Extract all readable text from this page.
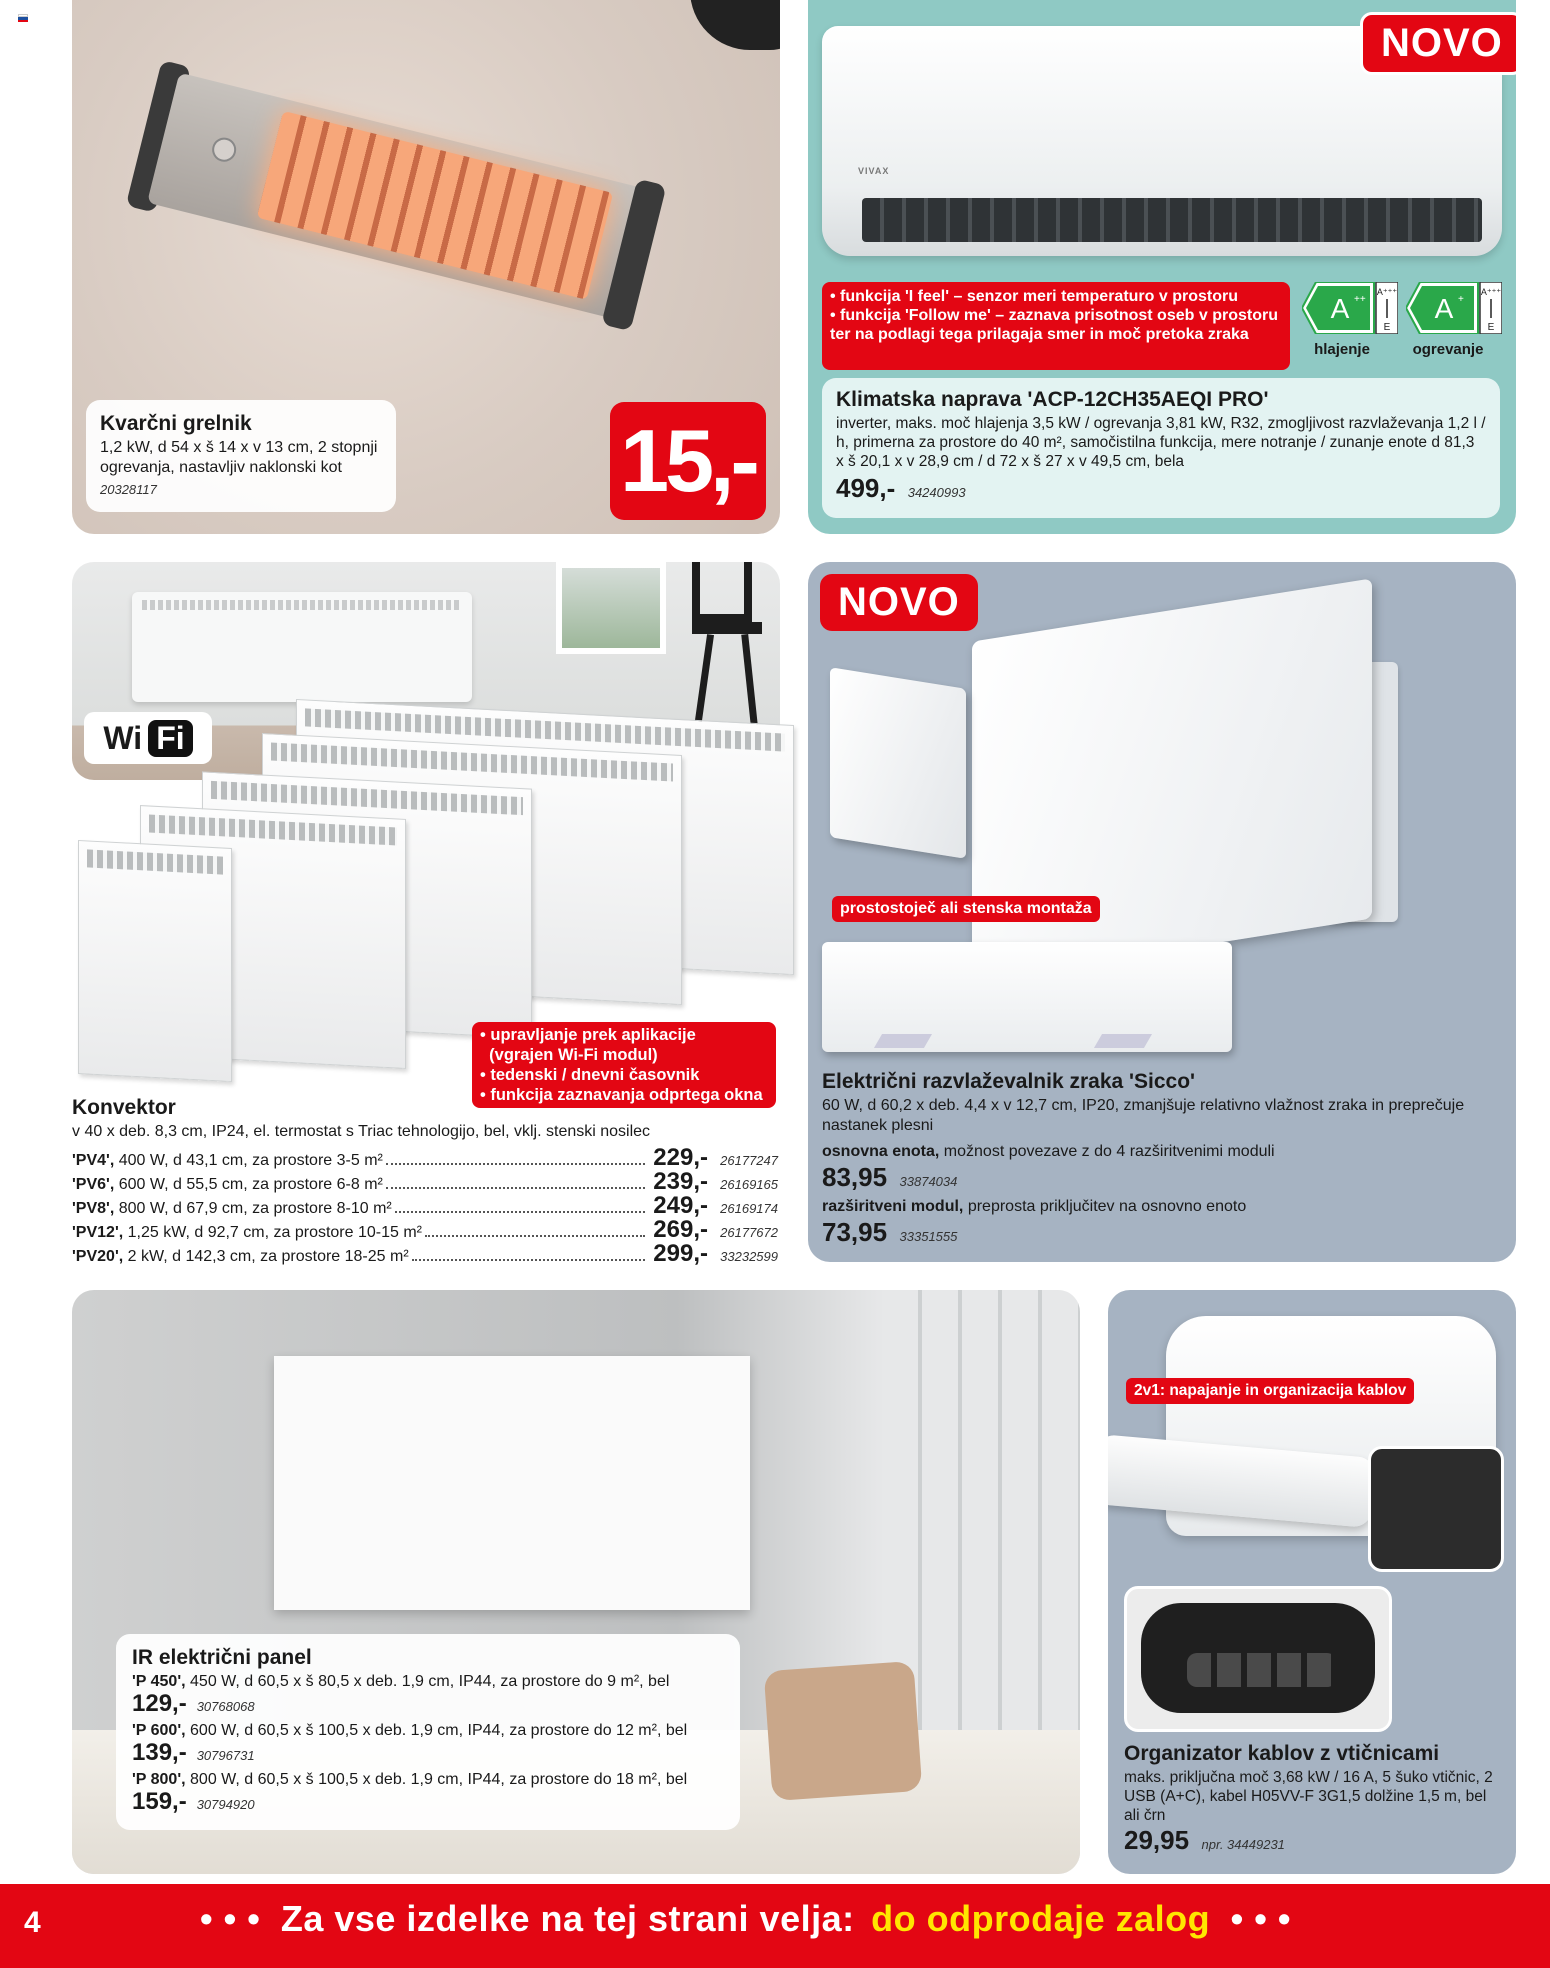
Kvarčni grelnik
1,2 kW, d 54 x š 14 x v 13 cm, 2 stopnji ogrevanja, nastavljiv naklonski kot
20328117	15,-
VIVAX
NOVO
• funkcija 'I feel' – senzor meri temperaturo v prostoru
• funkcija 'Follow me' – zaznava prisotnost oseb v prostoru ter na podlagi tega prilagaja smer in moč pretoka zraka
A ++
A⁺⁺⁺
E
hlajenje
A +
A⁺⁺⁺
E
ogrevanje
Klimatska naprava 'ACP-12CH35AEQI PRO'
inverter, maks. moč hlajenja 3,5 kW / ogrevanja 3,81 kW, R32, zmogljivost razvlaževanja 1,2 l / h, primerna za prostore do 40 m², samočistilna funkcija, mere notranje / zunanje enote d 81,3 x š 20,1 x v 28,9 cm / d 72 x š 27 x v 49,5 cm, bela
499,- 34240993
Wi Fi
• upravljanje prek aplikacije
(vgrajen Wi-Fi modul)
• tedenski / dnevni časovnik
• funkcija zaznavanja odprtega okna
Konvektor
v 40 x deb. 8,3 cm, IP24, el. termostat s Triac tehnologijo, bel, vklj. stenski nosilec
'PV4', 400 W, d 43,1 cm, za prostore 3-5 m²	229,- 26177247
'PV6', 600 W, d 55,5 cm, za prostore 6-8 m²	239,- 26169165
'PV8', 800 W, d 67,9 cm, za prostore 8-10 m²	249,- 26169174
'PV12', 1,25 kW, d 92,7 cm, za prostore 10-15 m²	269,- 26177672
'PV20', 2 kW, d 142,3 cm, za prostore 18-25 m²	299,- 33232599
NOVO
prostostoječ ali stenska montaža
Električni razvlaževalnik zraka 'Sicco'
60 W, d 60,2 x deb. 4,4 x v 12,7 cm, IP20, zmanjšuje relativno vlažnost zraka in preprečuje nastanek plesni
osnovna enota, možnost povezave z do 4 razširitvenimi moduli
83,95 33874034
razširitveni modul, preprosta priključitev na osnovno enoto
73,95 33351555
IR električni panel
'P 450', 450 W, d 60,5 x š 80,5 x deb. 1,9 cm, IP44, za prostore do 9 m², bel
129,- 30768068
'P 600', 600 W, d 60,5 x š 100,5 x deb. 1,9 cm, IP44, za prostore do 12 m², bel
139,- 30796731
'P 800', 800 W, d 60,5 x š 100,5 x deb. 1,9 cm, IP44, za prostore do 18 m², bel
159,- 30794920
2v1: napajanje in organizacija kablov
Organizator kablov z vtičnicami
maks. priključna moč 3,68 kW / 16 A, 5 šuko vtičnic, 2 USB (A+C), kabel H05VV-F 3G1,5 dolžine 1,5 m, bel ali črn
29,95 npr. 34449231
4	• • • Za vse izdelke na tej strani velja: do odprodaje zalog • • •
